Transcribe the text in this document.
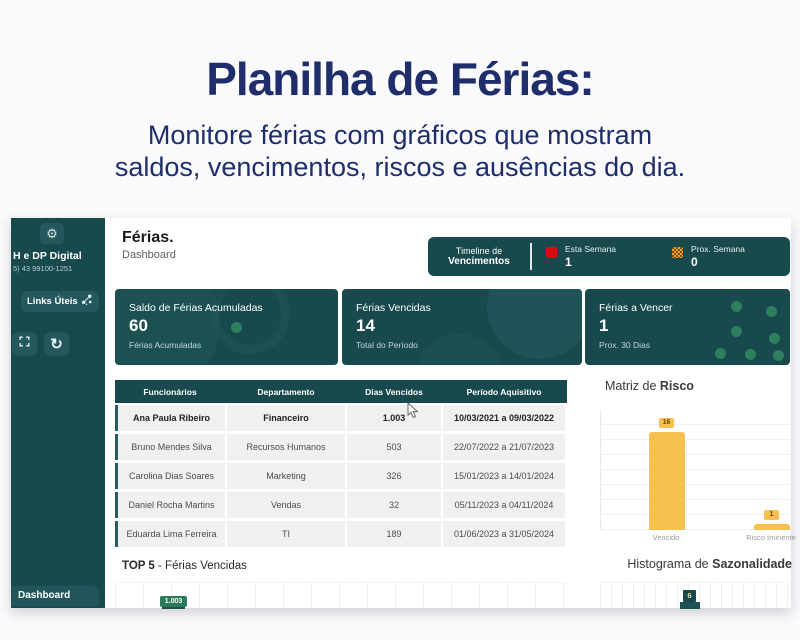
Planilha de Férias:
Monitore férias com gráficos que mostram
saldos, vencimentos, riscos e ausências do dia.
⚙
H e DP Digital
5) 43 99100-1251
Links Úteis
↻
Dashboard
Férias.
Dashboard	Timeline de
Vencimentos
Esta Semana
1
Prox. Semana
0
Saldo de Férias Acumuladas
60
Férias Acumuladas
Férias Vencidas
14
Total do Período
Férias a Vencer
1
Prox. 30 Dias
Funcionários	Departamento	Dias Vencidos	Período Aquisitivo
Ana Paula Ribeiro	Financeiro	1.003	10/03/2021 a 09/03/2022
Bruno Mendes Silva	Recursos Humanos	503	22/07/2022 a 21/07/2023
Carolina Dias Soares	Marketing	326	15/01/2023 a 14/01/2024
Daniel Rocha Martins	Vendas	32	05/11/2023 a 04/11/2024
Eduarda Lima Ferreira	TI	189	01/06/2023 a 31/05/2024
TOP 5 - Férias Vencidas
1.003
Matriz de Risco
16
1
Vencido	Risco Iminente
Histograma de Sazonalidade
6
